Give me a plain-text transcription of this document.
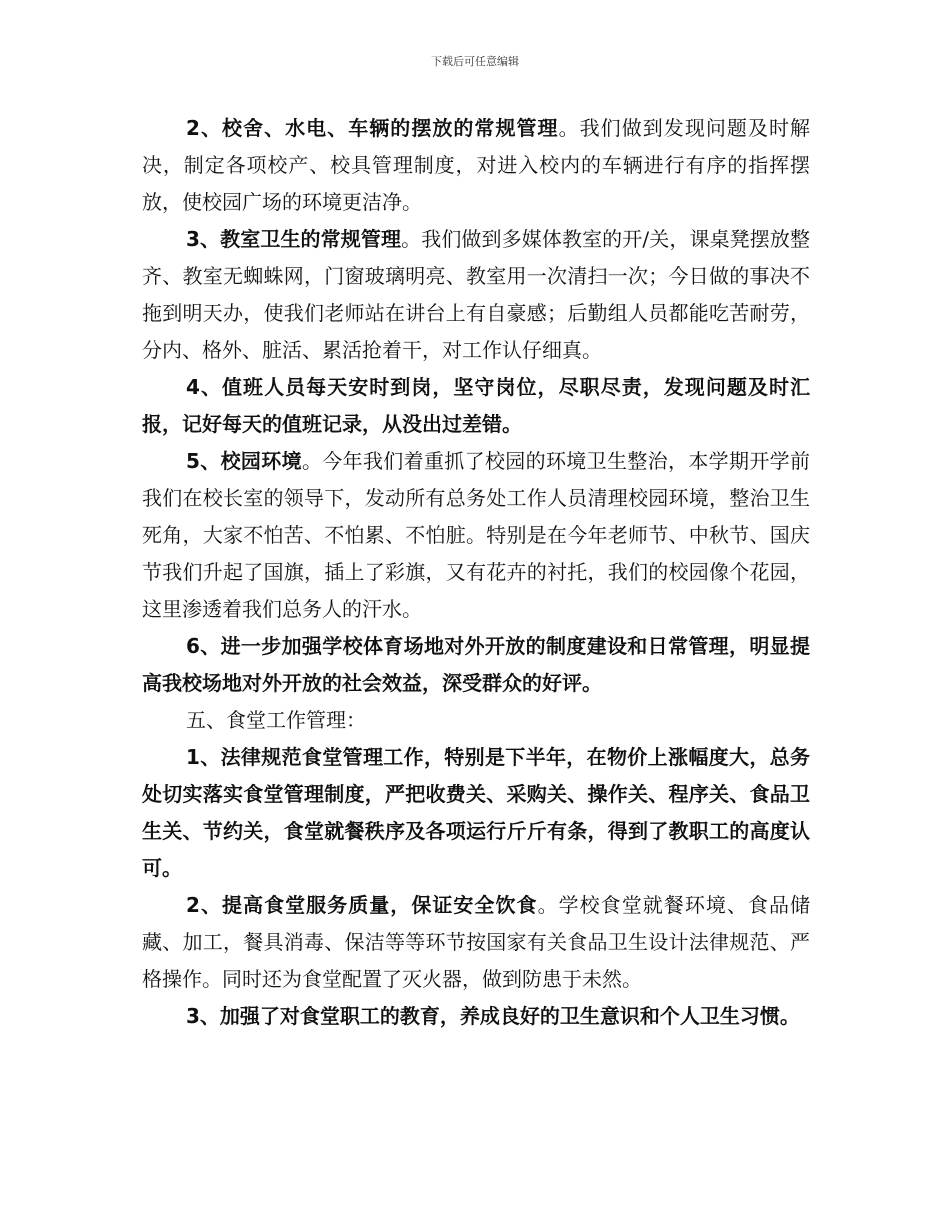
下载后可任意编辑

2、校舍、水电、车辆的摆放的常规管理。我们做到发现问题及时解决，制定各项校产、校具管理制度，对进入校内的车辆进行有序的指挥摆放，使校园广场的环境更洁净。

3、教室卫生的常规管理。我们做到多媒体教室的开/关，课桌凳摆放整齐、教室无蜘蛛网，门窗玻璃明亮、教室用一次清扫一次；今日做的事决不拖到明天办，使我们老师站在讲台上有自豪感；后勤组人员都能吃苦耐劳，分内、格外、脏活、累活抢着干，对工作认仔细真。

4、值班人员每天安时到岗，坚守岗位，尽职尽责，发现问题及时汇报，记好每天的值班记录，从没出过差错。

5、校园环境。今年我们着重抓了校园的环境卫生整治，本学期开学前我们在校长室的领导下，发动所有总务处工作人员清理校园环境，整治卫生死角，大家不怕苦、不怕累、不怕脏。特别是在今年老师节、中秋节、国庆节我们升起了国旗，插上了彩旗，又有花卉的衬托，我们的校园像个花园，这里渗透着我们总务人的汗水。

6、进一步加强学校体育场地对外开放的制度建设和日常管理，明显提高我校场地对外开放的社会效益，深受群众的好评。

五、食堂工作管理：

1、法律规范食堂管理工作，特别是下半年，在物价上涨幅度大，总务处切实落实食堂管理制度，严把收费关、采购关、操作关、程序关、食品卫生关、节约关，食堂就餐秩序及各项运行斤斤有条，得到了教职工的高度认可。

2、提高食堂服务质量，保证安全饮食。学校食堂就餐环境、食品储藏、加工，餐具消毒、保洁等等环节按国家有关食品卫生设计法律规范、严格操作。同时还为食堂配置了灭火器，做到防患于未然。

3、加强了对食堂职工的教育，养成良好的卫生意识和个人卫生习惯。
